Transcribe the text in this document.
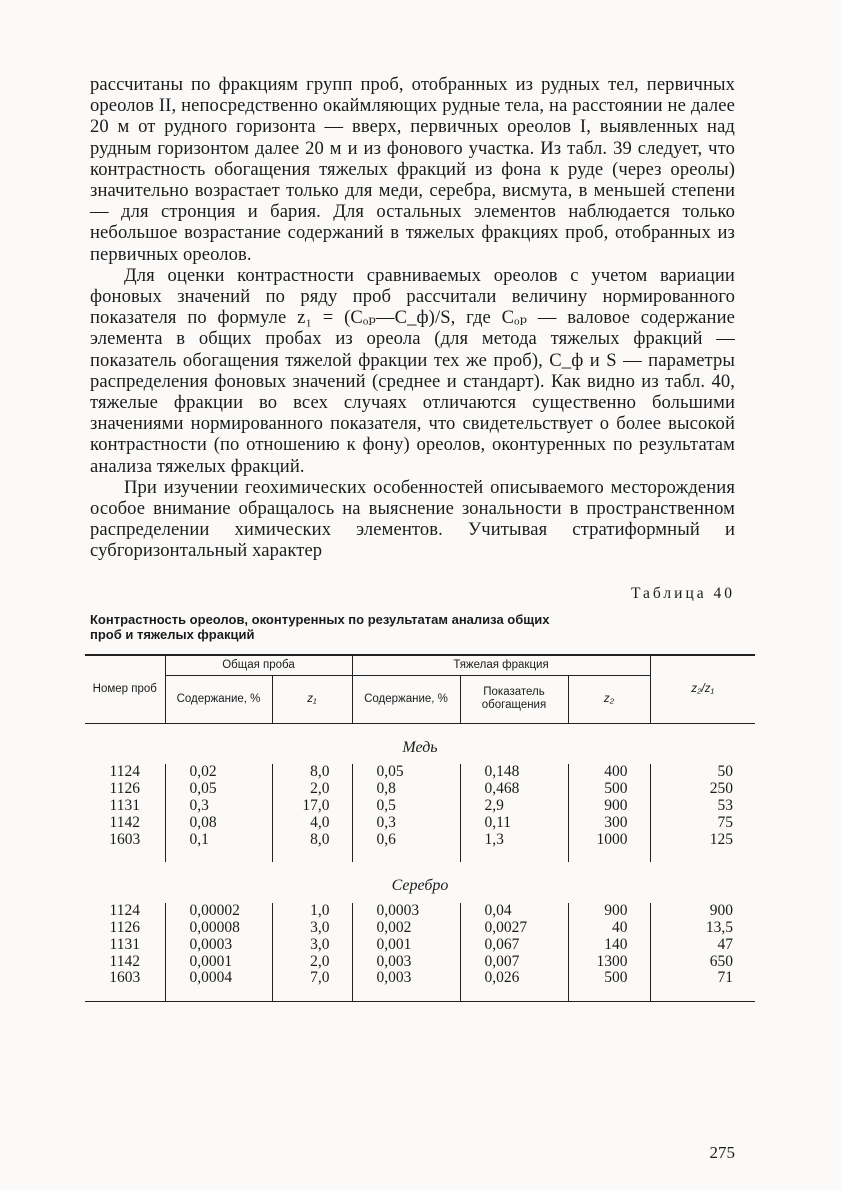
рассчитаны по фракциям групп проб, отобранных из рудных тел, первичных ореолов II, непосредственно окаймляющих рудные тела, на расстоянии не далее 20 м от рудного горизонта — вверх, первичных ореолов I, выявленных над рудным горизонтом далее 20 м и из фонового участка. Из табл. 39 следует, что контрастность обогащения тяжелых фракций из фона к руде (через ореолы) значительно возрастает только для меди, серебра, висмута, в меньшей степени — для стронция и бария. Для остальных элементов наблюдается только небольшое возрастание содержаний в тяжелых фракциях проб, отобранных из первичных ореолов.

Для оценки контрастности сравниваемых ореолов с учетом вариации фоновых значений по ряду проб рассчитали величину нормированного показателя по формуле z₁ = (Cₒₚ—C_ф)/S, где Cₒₚ — валовое содержание элемента в общих пробах из ореола (для метода тяжелых фракций — показатель обогащения тяжелой фракции тех же проб), C_ф и S — параметры распределения фоновых значений (среднее и стандарт). Как видно из табл. 40, тяжелые фракции во всех случаях отличаются существенно большими значениями нормированного показателя, что свидетельствует о более высокой контрастности (по отношению к фону) ореолов, оконтуренных по результатам анализа тяжелых фракций.

При изучении геохимических особенностей описываемого месторождения особое внимание обращалось на выяснение зональности в пространственном распределении химических элементов. Учитывая стратиформный и субгоризонтальный характер

Таблица 40
Контрастность ореолов, оконтуренных по результатам анализа общих проб и тяжелых фракций
Номер проб	Общая проба		Тяжелая фракция			z₂/z₁
	Содержание, %	z₁	Содержание, %	Показатель обогащения	z₂	
Медь						
1124	0,02	8,0	0,05	0,148	400	50
1126	0,05	2,0	0,8	0,468	500	250
1131	0,3	17,0	0,5	2,9	900	53
1142	0,08	4,0	0,3	0,11	300	75
1603	0,1	8,0	0,6	1,3	1000	125

Серебро						
1124	0,00002	1,0	0,0003	0,04	900	900
1126	0,00008	3,0	0,002	0,0027	40	13,5
1131	0,0003	3,0	0,001	0,067	140	47
1142	0,0001	2,0	0,003	0,007	1300	650
1603	0,0004	7,0	0,003	0,026	500	71

275
